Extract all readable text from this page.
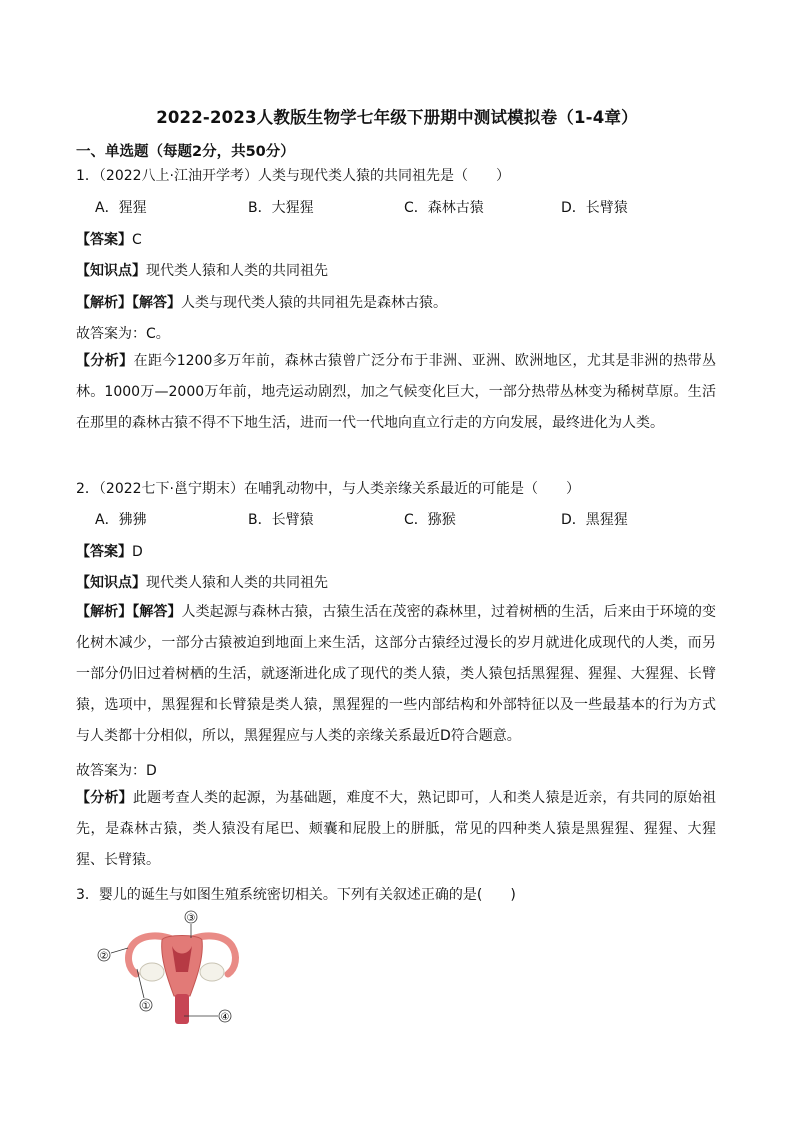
2022-2023人教版生物学七年级下册期中测试模拟卷（1-4章）
一、单选题（每题2分，共50分）
1．（2022八上·江油开学考）人类与现代类人猿的共同祖先是（　　）
A．猩猩	B．大猩猩	C．森林古猿	D．长臂猿
【答案】C
【知识点】现代类人猿和人类的共同祖先
【解析】【解答】人类与现代类人猿的共同祖先是森林古猿。
故答案为：C。
【分析】在距今1200多万年前，森林古猿曾广泛分布于非洲、亚洲、欧洲地区，尤其是非洲的热带丛林。1000万—2000万年前，地壳运动剧烈，加之气候变化巨大，一部分热带丛林变为稀树草原。生活在那里的森林古猿不得不下地生活，进而一代一代地向直立行走的方向发展，最终进化为人类。
2．（2022七下·邕宁期末）在哺乳动物中，与人类亲缘关系最近的可能是（　　）
A．狒狒	B．长臂猿	C．猕猴	D．黑猩猩
【答案】D
【知识点】现代类人猿和人类的共同祖先
【解析】【解答】人类起源与森林古猿，古猿生活在茂密的森林里，过着树栖的生活，后来由于环境的变化树木减少，一部分古猿被迫到地面上来生活，这部分古猿经过漫长的岁月就进化成现代的人类，而另一部分仍旧过着树栖的生活，就逐渐进化成了现代的类人猿，类人猿包括黑猩猩、猩猩、大猩猩、长臂猿，选项中，黑猩猩和长臂猿是类人猿，黑猩猩的一些内部结构和外部特征以及一些最基本的行为方式与人类都十分相似，所以，黑猩猩应与人类的亲缘关系最近D符合题意。
故答案为：D
【分析】此题考查人类的起源，为基础题，难度不大，熟记即可，人和类人猿是近亲，有共同的原始祖先，是森林古猿，类人猿没有尾巴、颊囊和屁股上的胼胝，常见的四种类人猿是黑猩猩、猩猩、大猩猩、长臂猿。
3．婴儿的诞生与如图生殖系统密切相关。下列有关叙述正确的是(　　)
①
②
③
④
